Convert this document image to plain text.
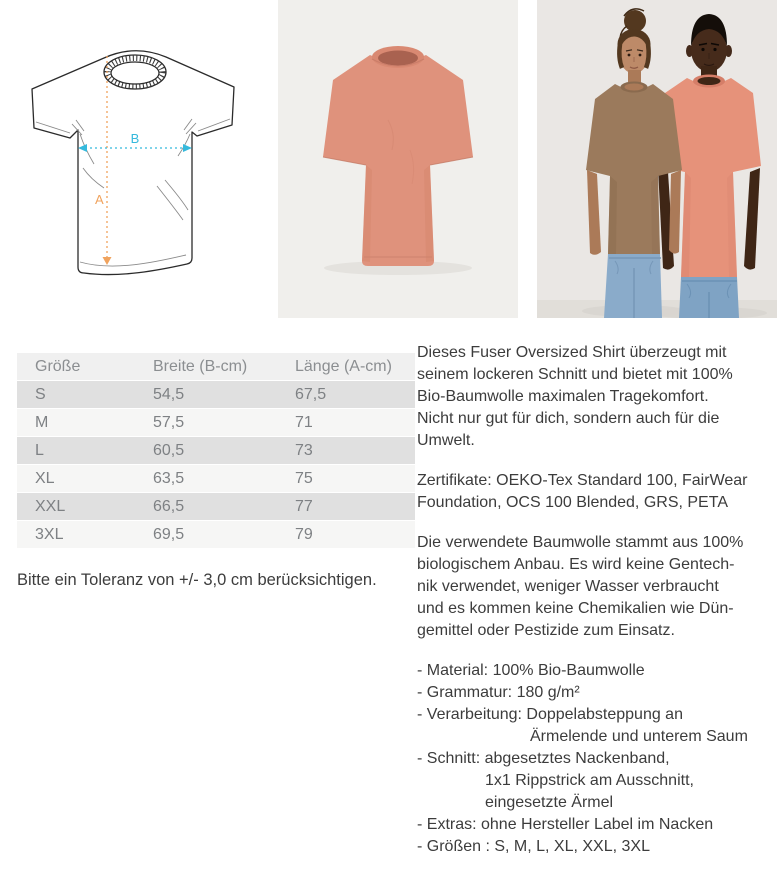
A
B
Größe	Breite (B-cm)	Länge (A-cm)
S	54,5	67,5
M	57,5	71
L	60,5	73
XL	63,5	75
XXL	66,5	77
3XL	69,5	79
Bitte ein Toleranz von +/- 3,0 cm berücksichtigen.
Dieses Fuser Oversized Shirt überzeugt mit
seinem lockeren Schnitt und bietet mit 100%
Bio-Baumwolle maximalen Tragekomfort.
Nicht nur gut für dich, sondern auch für die
Umwelt.
Zertifikate: OEKO-Tex Standard 100, FairWear
Foundation, OCS 100 Blended, GRS, PETA
Die verwendete Baumwolle stammt aus 100%
biologischem Anbau. Es wird keine Gentech-
nik verwendet, weniger Wasser verbraucht
und es kommen keine Chemikalien wie Dün-
gemittel oder Pestizide zum Einsatz.
- Material: 100% Bio-Baumwolle
- Grammatur: 180 g/m²
- Verarbeitung: Doppelabsteppung an
Ärmelende und unterem Saum
- Schnitt: abgesetztes Nackenband,
1x1 Rippstrick am Ausschnitt,
eingesetzte Ärmel
- Extras: ohne Hersteller Label im Nacken
- Größen : S, M, L, XL, XXL, 3XL
